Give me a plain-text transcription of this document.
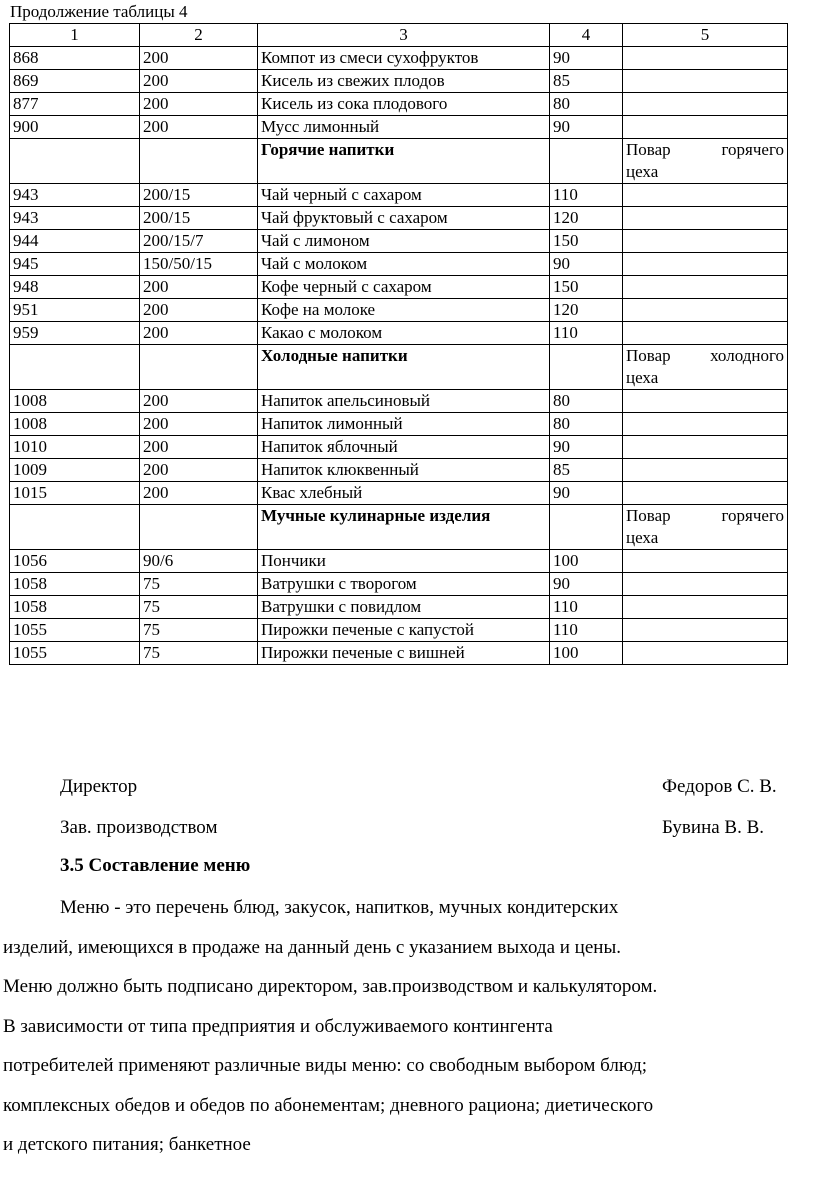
Продолжение таблицы 4
1	2	3	4	5
868	200	Компот из смеси сухофруктов	90	
869	200	Кисель из свежих плодов	85	
877	200	Кисель из сока плодового	80	
900	200	Мусс лимонный	90	
		Горячие напитки		Повар горячего
цеха

943	200/15	Чай черный с сахаром	110	
943	200/15	Чай фруктовый с сахаром	120	
944	200/15/7	Чай с лимоном	150	
945	150/50/15	Чай с молоком	90	
948	200	Кофе черный с сахаром	150	
951	200	Кофе на молоке	120	
959	200	Какао с молоком	110	
		Холодные напитки		Повар холодного
цеха

1008	200	Напиток апельсиновый	80	
1008	200	Напиток лимонный	80	
1010	200	Напиток яблочный	90	
1009	200	Напиток клюквенный	85	
1015	200	Квас хлебный	90	
		Мучные кулинарные изделия		Повар горячего
цеха

1056	90/6	Пончики	100	
1058	75	Ватрушки с творогом	90	
1058	75	Ватрушки с повидлом	110	
1055	75	Пирожки печеные с капустой	110	
1055	75	Пирожки печеные с вишней	100	
Директор	Федоров С. В.
Зав. производством	Бувина В. В.
3.5 Составление меню
Меню - это перечень блюд, закусок, напитков, мучных кондитерских
изделий, имеющихся в продаже на данный день с указанием выхода и цены.
Меню должно быть подписано директором, зав.производством и калькулятором.
В зависимости от типа предприятия и обслуживаемого контингента
потребителей применяют различные виды меню: со свободным выбором блюд;
комплексных обедов и обедов по абонементам; дневного рациона; диетического
и детского питания; банкетное
